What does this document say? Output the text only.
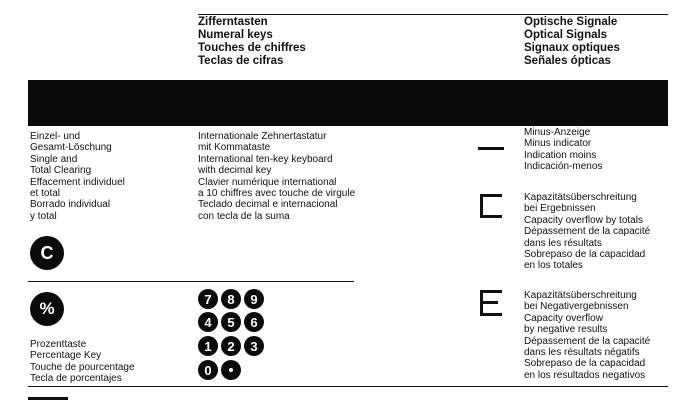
Zifferntasten
Numeral keys
Touches de chiffres
Teclas de cifras
Optische Signale
Optical Signals
Signaux optiques
Señales ópticas
Einzel- und
Gesamt-Löschung
Single and
Total Clearing
Effacement individuel
et total
Borrado individual
y total
C
Internationale Zehnertastatur
mit Kommataste
International ten-key keyboard
with decimal key
Clavier numérique international
a 10 chiffres avec touche de virgule
Teclado decimal e internacional
con tecla de la suma
%
Prozenttaste
Percentage Key
Touche de pourcentage
Tecla de porcentajes
7 8 9
4 5 6
1 2 3
0
Minus-Anzeige
Minus indicator
Indication moins
Indicación-menos
Kapazitätsüberschreitung
bei Ergebnissen
Capacity overflow by totals
Dépassement de la capacité
dans les résultats
Sobrepaso de la capacidad
en los totales
Kapazitätsüberschreitung
bei Negativergebnissen
Capacity overflow
by negative results
Dépassement de la capacité
dans les résultats négatifs
Sobrepaso de la capacidad
en los resultados negativos
